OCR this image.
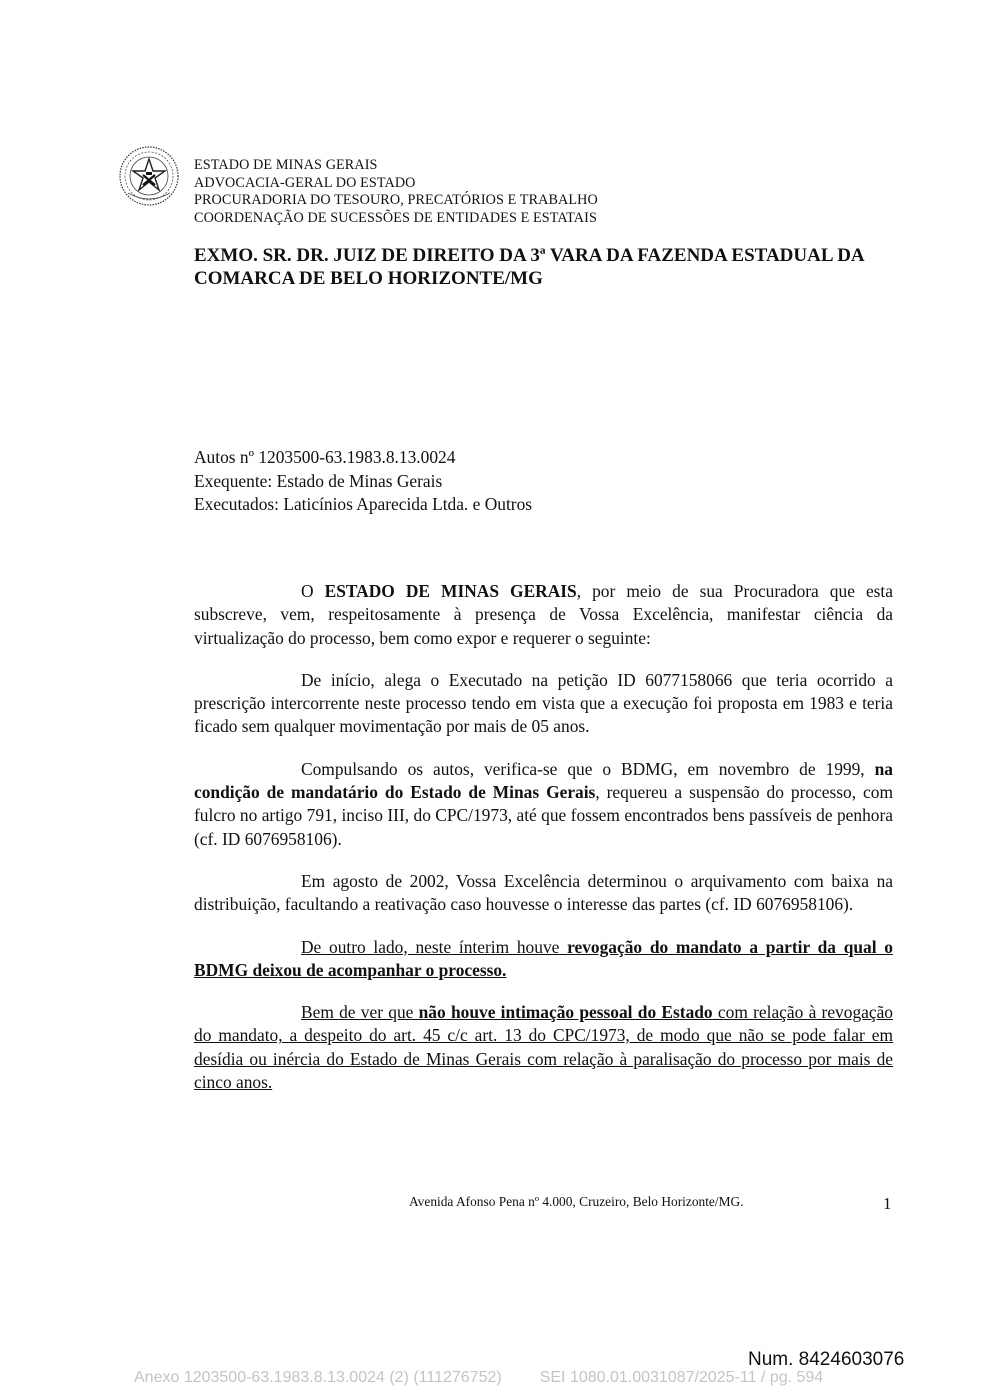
ESTADO DE MINAS GERAIS
ADVOCACIA-GERAL DO ESTADO
PROCURADORIA DO TESOURO, PRECATÓRIOS E TRABALHO
COORDENAÇÃO DE SUCESSÕES DE ENTIDADES E ESTATAIS
EXMO. SR. DR. JUIZ DE DIREITO DA 3ª VARA DA FAZENDA ESTADUAL DA COMARCA DE BELO HORIZONTE/MG
Autos nº 1203500-63.1983.8.13.0024
Exequente: Estado de Minas Gerais
Executados: Laticínios Aparecida Ltda. e Outros

O ESTADO DE MINAS GERAIS, por meio de sua Procuradora que esta subscreve, vem, respeitosamente à presença de Vossa Excelência, manifestar ciência da virtualização do processo, bem como expor e requerer o seguinte:

De início, alega o Executado na petição ID 6077158066 que teria ocorrido a prescrição intercorrente neste processo tendo em vista que a execução foi proposta em 1983 e teria ficado sem qualquer movimentação por mais de 05 anos.

Compulsando os autos, verifica-se que o BDMG, em novembro de 1999, na condição de mandatário do Estado de Minas Gerais, requereu a suspensão do processo, com fulcro no artigo 791, inciso III, do CPC/1973, até que fossem encontrados bens passíveis de penhora (cf. ID 6076958106).

Em agosto de 2002, Vossa Excelência determinou o arquivamento com baixa na distribuição, facultando a reativação caso houvesse o interesse das partes (cf. ID 6076958106).

De outro lado, neste ínterim houve revogação do mandato a partir da qual o BDMG deixou de acompanhar o processo.

Bem de ver que não houve intimação pessoal do Estado com relação à revogação do mandato, a despeito do art. 45 c/c art. 13 do CPC/1973, de modo que não se pode falar em desídia ou inércia do Estado de Minas Gerais com relação à paralisação do processo por mais de cinco anos.

Avenida Afonso Pena nº 4.000, Cruzeiro, Belo Horizonte/MG.	1
Num. 8424603076
Anexo 1203500-63.1983.8.13.0024 (2) (111276752) SEI 1080.01.0031087/2025-11 / pg. 594
